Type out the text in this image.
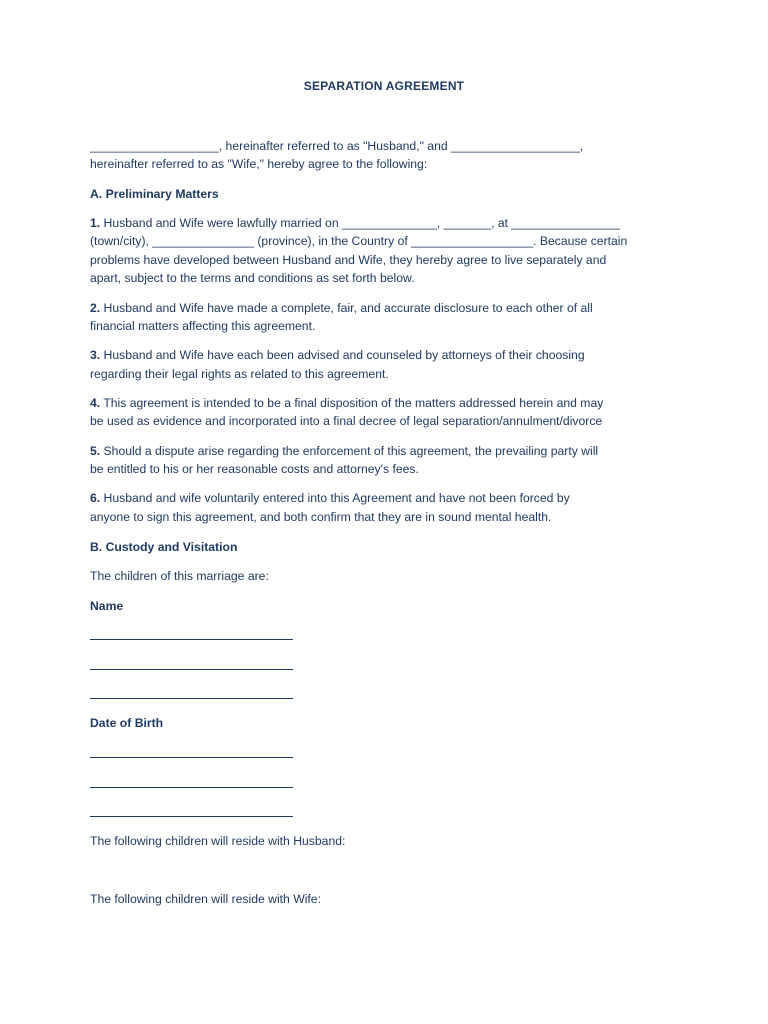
SEPARATION AGREEMENT
___________________, hereinafter referred to as "Husband," and ___________________,
hereinafter referred to as "Wife," hereby agree to the following:
A. Preliminary Matters
1. Husband and Wife were lawfully married on ______________, _______, at ________________
(town/city), _______________ (province), in the Country of __________________. Because certain
problems have developed between Husband and Wife, they hereby agree to live separately and
apart, subject to the terms and conditions as set forth below.
2. Husband and Wife have made a complete, fair, and accurate disclosure to each other of all
financial matters affecting this agreement.
3. Husband and Wife have each been advised and counseled by attorneys of their choosing
regarding their legal rights as related to this agreement.
4. This agreement is intended to be a final disposition of the matters addressed herein and may
be used as evidence and incorporated into a final decree of legal separation/annulment/divorce
5. Should a dispute arise regarding the enforcement of this agreement, the prevailing party will
be entitled to his or her reasonable costs and attorney's fees.
6. Husband and wife voluntarily entered into this Agreement and have not been forced by
anyone to sign this agreement, and both confirm that they are in sound mental health.
B. Custody and Visitation
The children of this marriage are:
Name
Date of Birth
The following children will reside with Husband:
The following children will reside with Wife:
